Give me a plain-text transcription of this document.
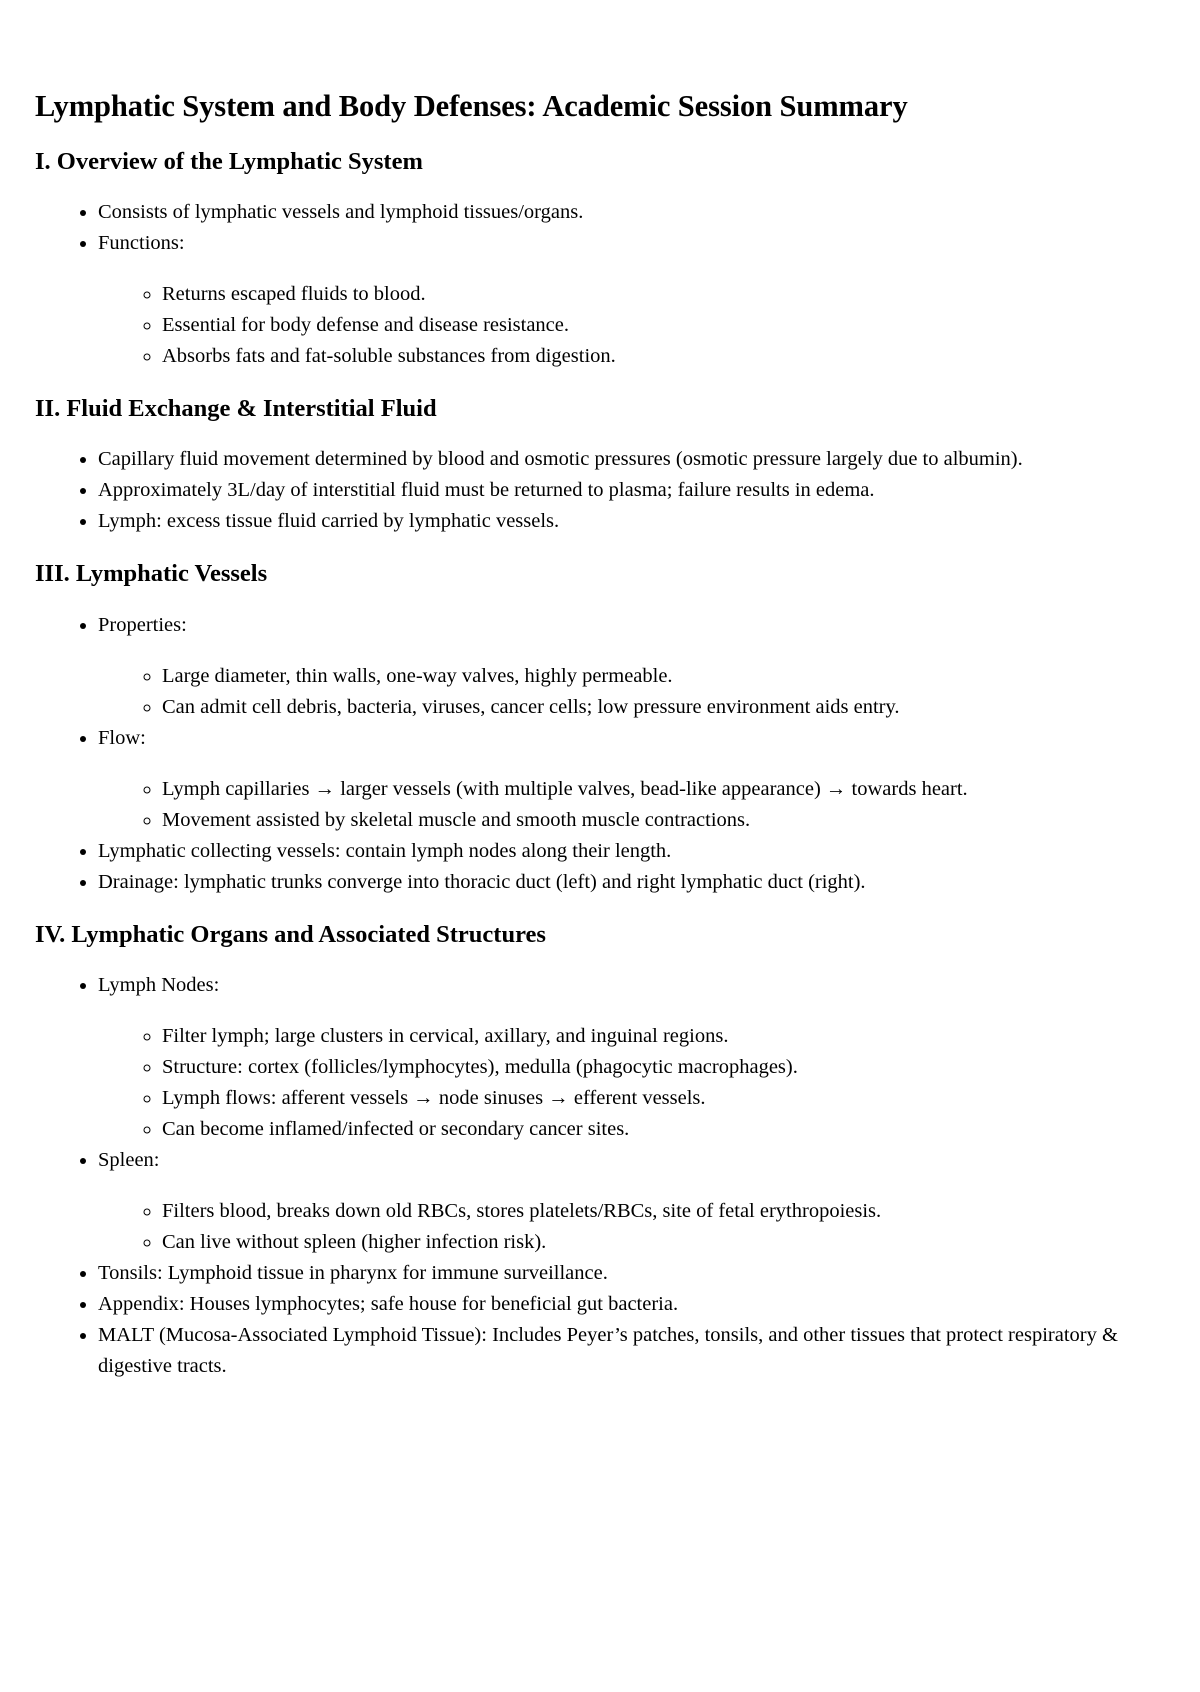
Lymphatic System and Body Defenses: Academic Session Summary
I. Overview of the Lymphatic System
• Consists of lymphatic vessels and lymphoid tissues/organs.
• Functions:
◦ Returns escaped fluids to blood.
◦ Essential for body defense and disease resistance.
◦ Absorbs fats and fat-soluble substances from digestion.
II. Fluid Exchange & Interstitial Fluid
• Capillary fluid movement determined by blood and osmotic pressures (osmotic pressure largely due to albumin).
• Approximately 3L/day of interstitial fluid must be returned to plasma; failure results in edema.
• Lymph: excess tissue fluid carried by lymphatic vessels.
III. Lymphatic Vessels
• Properties:
◦ Large diameter, thin walls, one-way valves, highly permeable.
◦ Can admit cell debris, bacteria, viruses, cancer cells; low pressure environment aids entry.
• Flow:
◦ Lymph capillaries → larger vessels (with multiple valves, bead-like appearance) → towards heart.
◦ Movement assisted by skeletal muscle and smooth muscle contractions.
• Lymphatic collecting vessels: contain lymph nodes along their length.
• Drainage: lymphatic trunks converge into thoracic duct (left) and right lymphatic duct (right).
IV. Lymphatic Organs and Associated Structures
• Lymph Nodes:
◦ Filter lymph; large clusters in cervical, axillary, and inguinal regions.
◦ Structure: cortex (follicles/lymphocytes), medulla (phagocytic macrophages).
◦ Lymph flows: afferent vessels → node sinuses → efferent vessels.
◦ Can become inflamed/infected or secondary cancer sites.
• Spleen:
◦ Filters blood, breaks down old RBCs, stores platelets/RBCs, site of fetal erythropoiesis.
◦ Can live without spleen (higher infection risk).
• Tonsils: Lymphoid tissue in pharynx for immune surveillance.
• Appendix: Houses lymphocytes; safe house for beneficial gut bacteria.
• MALT (Mucosa-Associated Lymphoid Tissue): Includes Peyer’s patches, tonsils, and other tissues that protect respiratory & digestive tracts.
